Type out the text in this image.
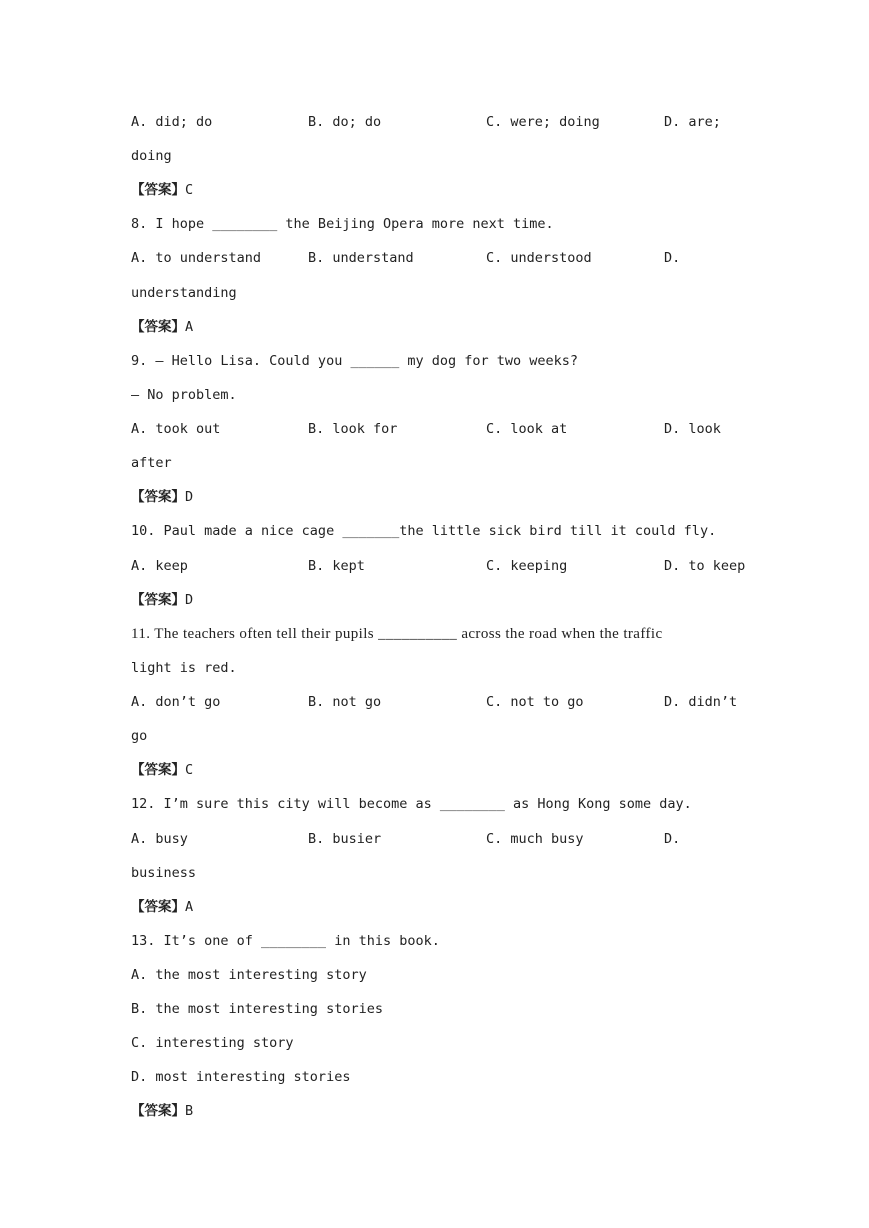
A. did; do	B. do; do	C. were; doing	D. are;
doing
【答案】C
8. I hope ________ the Beijing Opera more next time.
A. to understand	B. understand	C. understood	D.
understanding
【答案】A
9. — Hello Lisa. Could you ______ my dog for two weeks?
— No problem.
A. took out	B. look for	C. look at	D. look
after
【答案】D
10. Paul made a nice cage _______the little sick bird till it could fly.
A. keep	B. kept	C. keeping	D. to keep
【答案】D
11. The teachers often tell their pupils __________ across the road when the traffic
light is red.
A. don’t go	B. not go	C. not to go	D. didn’t
go
【答案】C
12. I’m sure this city will become as ________ as Hong Kong some day.
A. busy	B. busier	C. much busy	D.
business
【答案】A
13. It’s one of ________ in this book.
A. the most interesting story
B. the most interesting stories
C. interesting story
D. most interesting stories
【答案】B
